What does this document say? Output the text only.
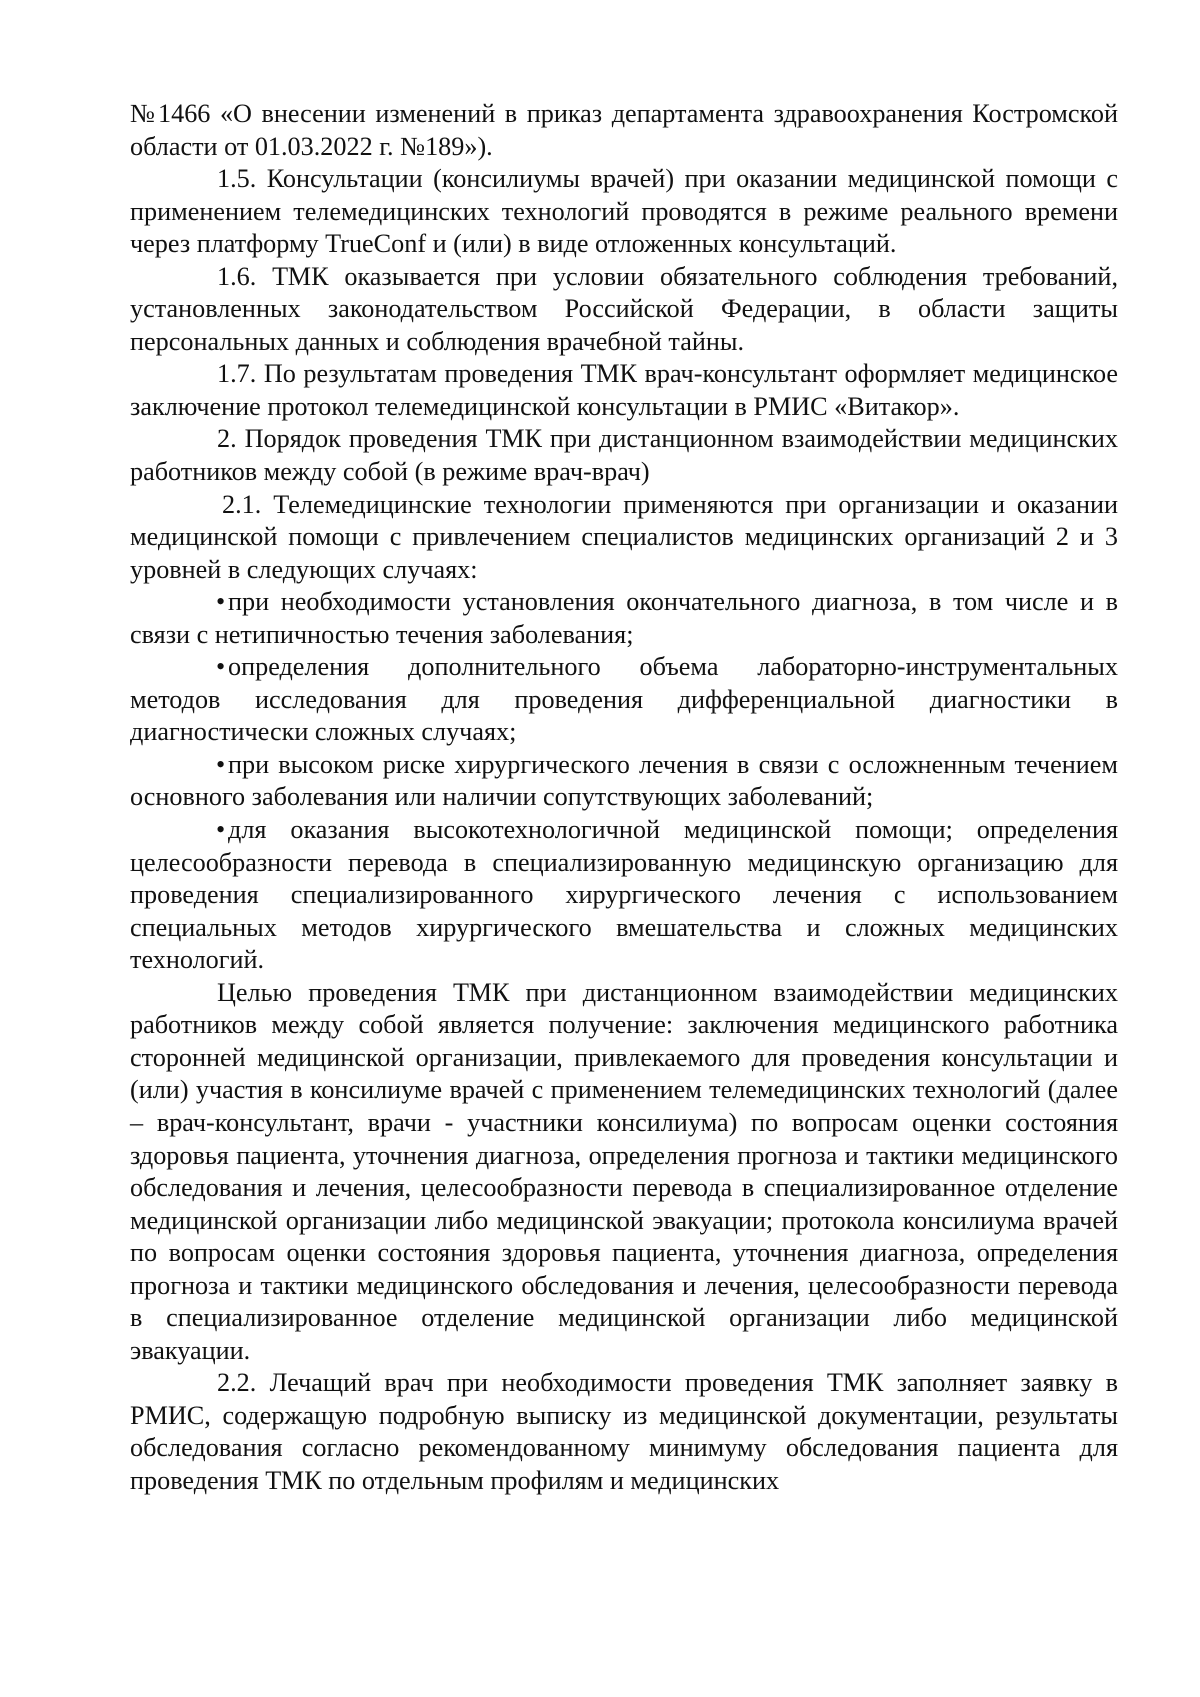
№1466 «О внесении изменений в приказ департамента здравоохранения Костромской области от 01.03.2022 г. №189»).

1.5. Консультации (консилиумы врачей) при оказании медицинской помощи с применением телемедицинских технологий проводятся в режиме реального времени через платформу TrueConf и (или) в виде отложенных консультаций.

1.6. ТМК оказывается при условии обязательного соблюдения требований, установленных законодательством Российской Федерации, в области защиты персональных данных и соблюдения врачебной тайны.

1.7. По результатам проведения ТМК врач-консультант оформляет медицинское заключение протокол телемедицинской консультации в РМИС «Витакор».

2. Порядок проведения ТМК при дистанционном взаимодействии медицинских работников между собой (в режиме врач-врач)

2.1. Телемедицинские технологии применяются при организации и оказании медицинской помощи с привлечением специалистов медицинских организаций 2 и 3 уровней в следующих случаях:

• при необходимости установления окончательного диагноза, в том числе и в связи с нетипичностью течения заболевания;

• определения дополнительного объема лабораторно-инструментальных методов исследования для проведения дифференциальной диагностики в диагностически сложных случаях;

• при высоком риске хирургического лечения в связи с осложненным течением основного заболевания или наличии сопутствующих заболеваний;

• для оказания высокотехнологичной медицинской помощи; определения целесообразности перевода в специализированную медицинскую организацию для проведения специализированного хирургического лечения с использованием специальных методов хирургического вмешательства и сложных медицинских технологий.

Целью проведения ТМК при дистанционном взаимодействии медицинских работников между собой является получение: заключения медицинского работника сторонней медицинской организации, привлекаемого для проведения консультации и (или) участия в консилиуме врачей с применением телемедицинских технологий (далее – врач-консультант, врачи - участники консилиума) по вопросам оценки состояния здоровья пациента, уточнения диагноза, определения прогноза и тактики медицинского обследования и лечения, целесообразности перевода в специализированное отделение медицинской организации либо медицинской эвакуации; протокола консилиума врачей по вопросам оценки состояния здоровья пациента, уточнения диагноза, определения прогноза и тактики медицинского обследования и лечения, целесообразности перевода в специализированное отделение медицинской организации либо медицинской эвакуации.

2.2. Лечащий врач при необходимости проведения ТМК заполняет заявку в РМИС, содержащую подробную выписку из медицинской документации, результаты обследования согласно рекомендованному минимуму обследования пациента для проведения ТМК по отдельным профилям и медицинских
